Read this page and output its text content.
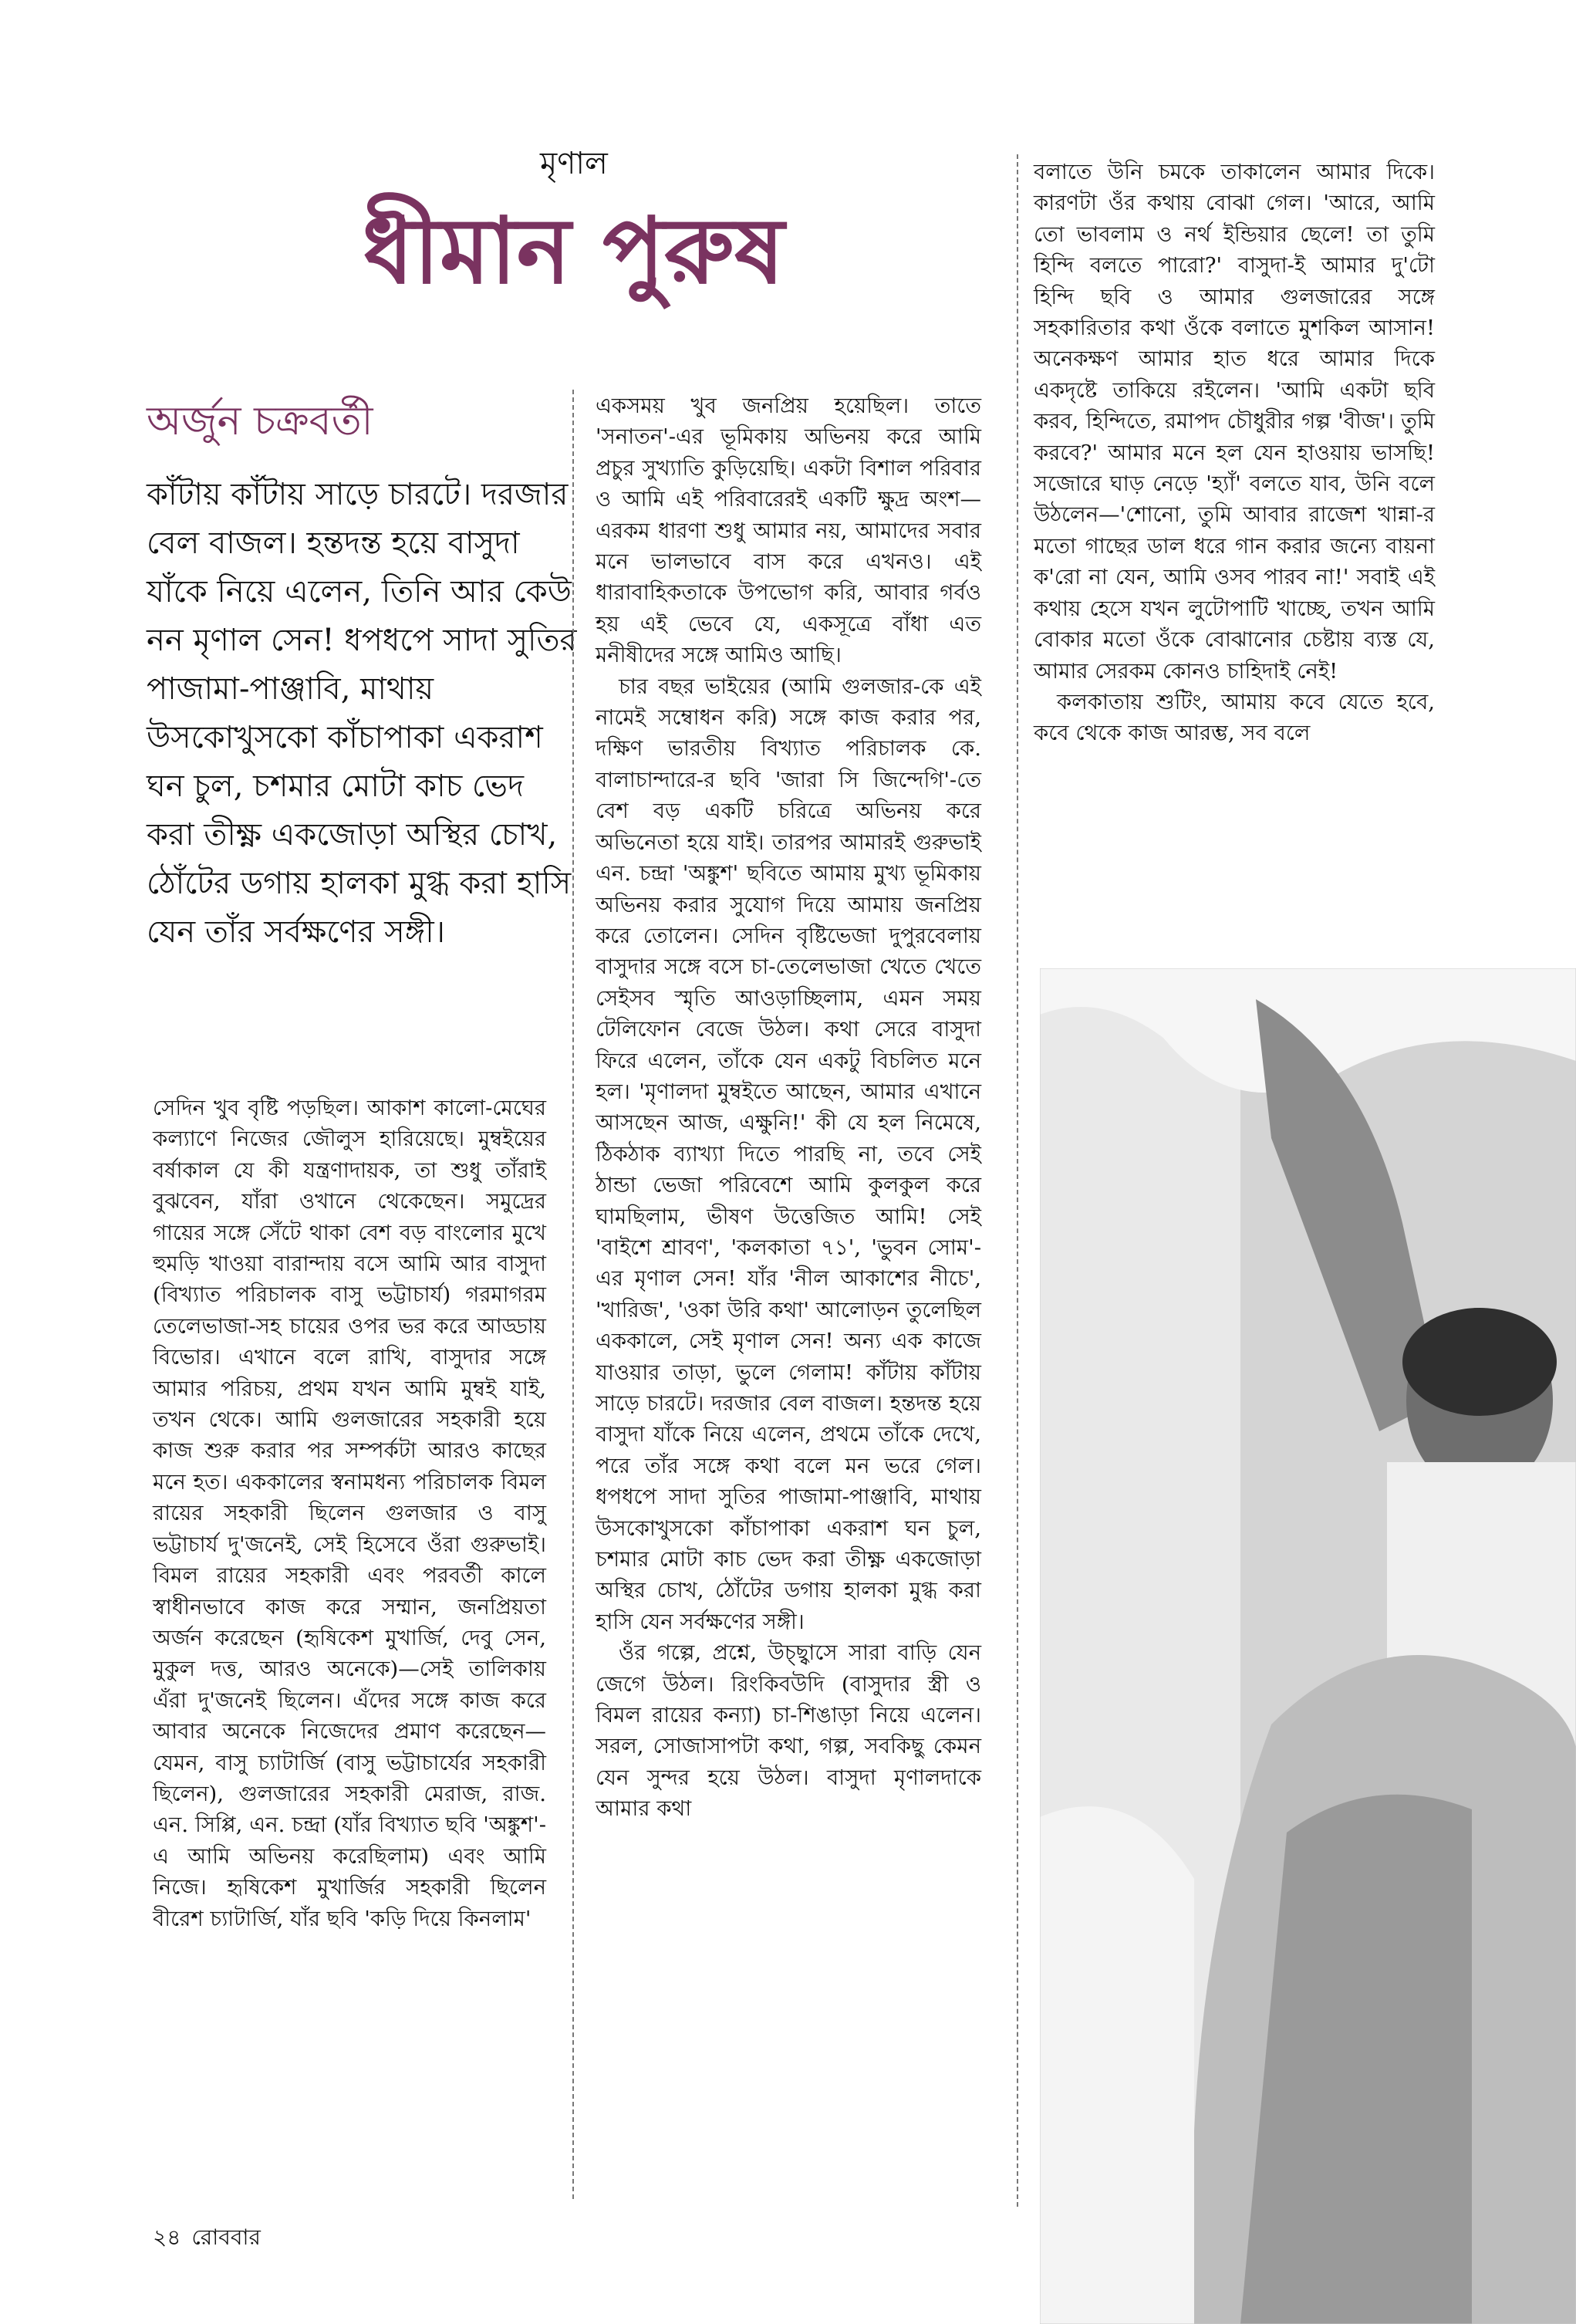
মৃণাল
ধীমান পুরুষ
অর্জুন চক্রবর্তী
কাঁটায় কাঁটায় সাড়ে চারটে। দরজার বেল বাজল। হন্তদন্ত হয়ে বাসুদা যাঁকে নিয়ে এলেন, তিনি আর কেউ নন মৃণাল সেন! ধপধপে সাদা সুতির পাজামা-পাঞ্জাবি, মাথায় উসকোখুসকো কাঁচাপাকা একরাশ ঘন চুল, চশমার মোটা কাচ ভেদ করা তীক্ষ্ণ একজোড়া অস্থির চোখ, ঠোঁটের ডগায় হালকা মুগ্ধ করা হাসি যেন তাঁর সর্বক্ষণের সঙ্গী।

সেদিন খুব বৃষ্টি পড়ছিল। আকাশ কালো-মেঘের কল্যাণে নিজের জৌলুস হারিয়েছে। মুম্বইয়ের বর্ষাকাল যে কী যন্ত্রণাদায়ক, তা শুধু তাঁরাই বুঝবেন, যাঁরা ওখানে থেকেছেন। সমুদ্রের গায়ের সঙ্গে সেঁটে থাকা বেশ বড় বাংলোর মুখে হুমড়ি খাওয়া বারান্দায় বসে আমি আর বাসুদা (বিখ্যাত পরিচালক বাসু ভট্টাচার্য) গরমাগরম তেলেভাজা-সহ চায়ের ওপর ভর করে আড্ডায় বিভোর। এখানে বলে রাখি, বাসুদার সঙ্গে আমার পরিচয়, প্রথম যখন আমি মুম্বই যাই, তখন থেকে। আমি গুলজারের সহকারী হয়ে কাজ শুরু করার পর সম্পর্কটা আরও কাছের মনে হত। এককালের স্বনামধন্য পরিচালক বিমল রায়ের সহকারী ছিলেন গুলজার ও বাসু ভট্টাচার্য দু'জনেই, সেই হিসেবে ওঁরা গুরুভাই। বিমল রায়ের সহকারী এবং পরবর্তী কালে স্বাধীনভাবে কাজ করে সম্মান, জনপ্রিয়তা অর্জন করেছেন (হৃষিকেশ মুখার্জি, দেবু সেন, মুকুল দত্ত, আরও অনেকে)—সেই তালিকায় এঁরা দু'জনেই ছিলেন। এঁদের সঙ্গে কাজ করে আবার অনেকে নিজেদের প্রমাণ করেছেন—যেমন, বাসু চ্যাটার্জি (বাসু ভট্টাচার্যের সহকারী ছিলেন), গুলজারের সহকারী মেরাজ, রাজ. এন. সিপ্পি, এন. চন্দ্রা (যাঁর বিখ্যাত ছবি 'অঙ্কুশ'-এ আমি অভিনয় করেছিলাম) এবং আমি নিজে। হৃষিকেশ মুখার্জির সহকারী ছিলেন বীরেশ চ্যাটার্জি, যাঁর ছবি 'কড়ি দিয়ে কিনলাম'

একসময় খুব জনপ্রিয় হয়েছিল। তাতে 'সনাতন'-এর ভূমিকায় অভিনয় করে আমি প্রচুর সুখ্যাতি কুড়িয়েছি। একটা বিশাল পরিবার ও আমি এই পরিবারেরই একটি ক্ষুদ্র অংশ—এরকম ধারণা শুধু আমার নয়, আমাদের সবার মনে ভালভাবে বাস করে এখনও। এই ধারাবাহিকতাকে উপভোগ করি, আবার গর্বও হয় এই ভেবে যে, একসূত্রে বাঁধা এত মনীষীদের সঙ্গে আমিও আছি।

চার বছর ভাইয়ের (আমি গুলজার-কে এই নামেই সম্বোধন করি) সঙ্গে কাজ করার পর, দক্ষিণ ভারতীয় বিখ্যাত পরিচালক কে. বালাচান্দারে-র ছবি 'জারা সি জিন্দেগি'-তে বেশ বড় একটি চরিত্রে অভিনয় করে অভিনেতা হয়ে যাই। তারপর আমারই গুরুভাই এন. চন্দ্রা 'অঙ্কুশ' ছবিতে আমায় মুখ্য ভূমিকায় অভিনয় করার সুযোগ দিয়ে আমায় জনপ্রিয় করে তোলেন। সেদিন বৃষ্টিভেজা দুপুরবেলায় বাসুদার সঙ্গে বসে চা-তেলেভাজা খেতে খেতে সেইসব স্মৃতি আওড়াচ্ছিলাম, এমন সময় টেলিফোন বেজে উঠল। কথা সেরে বাসুদা ফিরে এলেন, তাঁকে যেন একটু বিচলিত মনে হল। 'মৃণালদা মুম্বইতে আছেন, আমার এখানে আসছেন আজ, এক্ষুনি!' কী যে হল নিমেষে, ঠিকঠাক ব্যাখ্যা দিতে পারছি না, তবে সেই ঠান্ডা ভেজা পরিবেশে আমি কুলকুল করে ঘামছিলাম, ভীষণ উত্তেজিত আমি! সেই 'বাইশে শ্রাবণ', 'কলকাতা ৭১', 'ভুবন সোম'-এর মৃণাল সেন! যাঁর 'নীল আকাশের নীচে', 'খারিজ', 'ওকা উরি কথা' আলোড়ন তুলেছিল এককালে, সেই মৃণাল সেন! অন্য এক কাজে যাওয়ার তাড়া, ভুলে গেলাম! কাঁটায় কাঁটায় সাড়ে চারটে। দরজার বেল বাজল। হন্তদন্ত হয়ে বাসুদা যাঁকে নিয়ে এলেন, প্রথমে তাঁকে দেখে, পরে তাঁর সঙ্গে কথা বলে মন ভরে গেল। ধপধপে সাদা সুতির পাজামা-পাঞ্জাবি, মাথায় উসকোখুসকো কাঁচাপাকা একরাশ ঘন চুল, চশমার মোটা কাচ ভেদ করা তীক্ষ্ণ একজোড়া অস্থির চোখ, ঠোঁটের ডগায় হালকা মুগ্ধ করা হাসি যেন সর্বক্ষণের সঙ্গী।

ওঁর গল্পে, প্রশ্নে, উচ্ছ্বাসে সারা বাড়ি যেন জেগে উঠল। রিংকিবউদি (বাসুদার স্ত্রী ও বিমল রায়ের কন্যা) চা-শিঙাড়া নিয়ে এলেন। সরল, সোজাসাপটা কথা, গল্প, সবকিছু কেমন যেন সুন্দর হয়ে উঠল। বাসুদা মৃণালদাকে আমার কথা

বলাতে উনি চমকে তাকালেন আমার দিকে। কারণটা ওঁর কথায় বোঝা গেল। 'আরে, আমি তো ভাবলাম ও নর্থ ইন্ডিয়ার ছেলে! তা তুমি হিন্দি বলতে পারো?' বাসুদা-ই আমার দু'টো হিন্দি ছবি ও আমার গুলজারের সঙ্গে সহকারিতার কথা ওঁকে বলাতে মুশকিল আসান! অনেকক্ষণ আমার হাত ধরে আমার দিকে একদৃষ্টে তাকিয়ে রইলেন। 'আমি একটা ছবি করব, হিন্দিতে, রমাপদ চৌধুরীর গল্প 'বীজ'। তুমি করবে?' আমার মনে হল যেন হাওয়ায় ভাসছি! সজোরে ঘাড় নেড়ে 'হ্যাঁ' বলতে যাব, উনি বলে উঠলেন—'শোনো, তুমি আবার রাজেশ খান্না-র মতো গাছের ডাল ধরে গান করার জন্যে বায়না ক'রো না যেন, আমি ওসব পারব না!' সবাই এই কথায় হেসে যখন লুটোপাটি খাচ্ছে, তখন আমি বোকার মতো ওঁকে বোঝানোর চেষ্টায় ব্যস্ত যে, আমার সেরকম কোনও চাহিদাই নেই!

কলকাতায় শুটিং, আমায় কবে যেতে হবে, কবে থেকে কাজ আরম্ভ, সব বলে

২৪ রোববার
